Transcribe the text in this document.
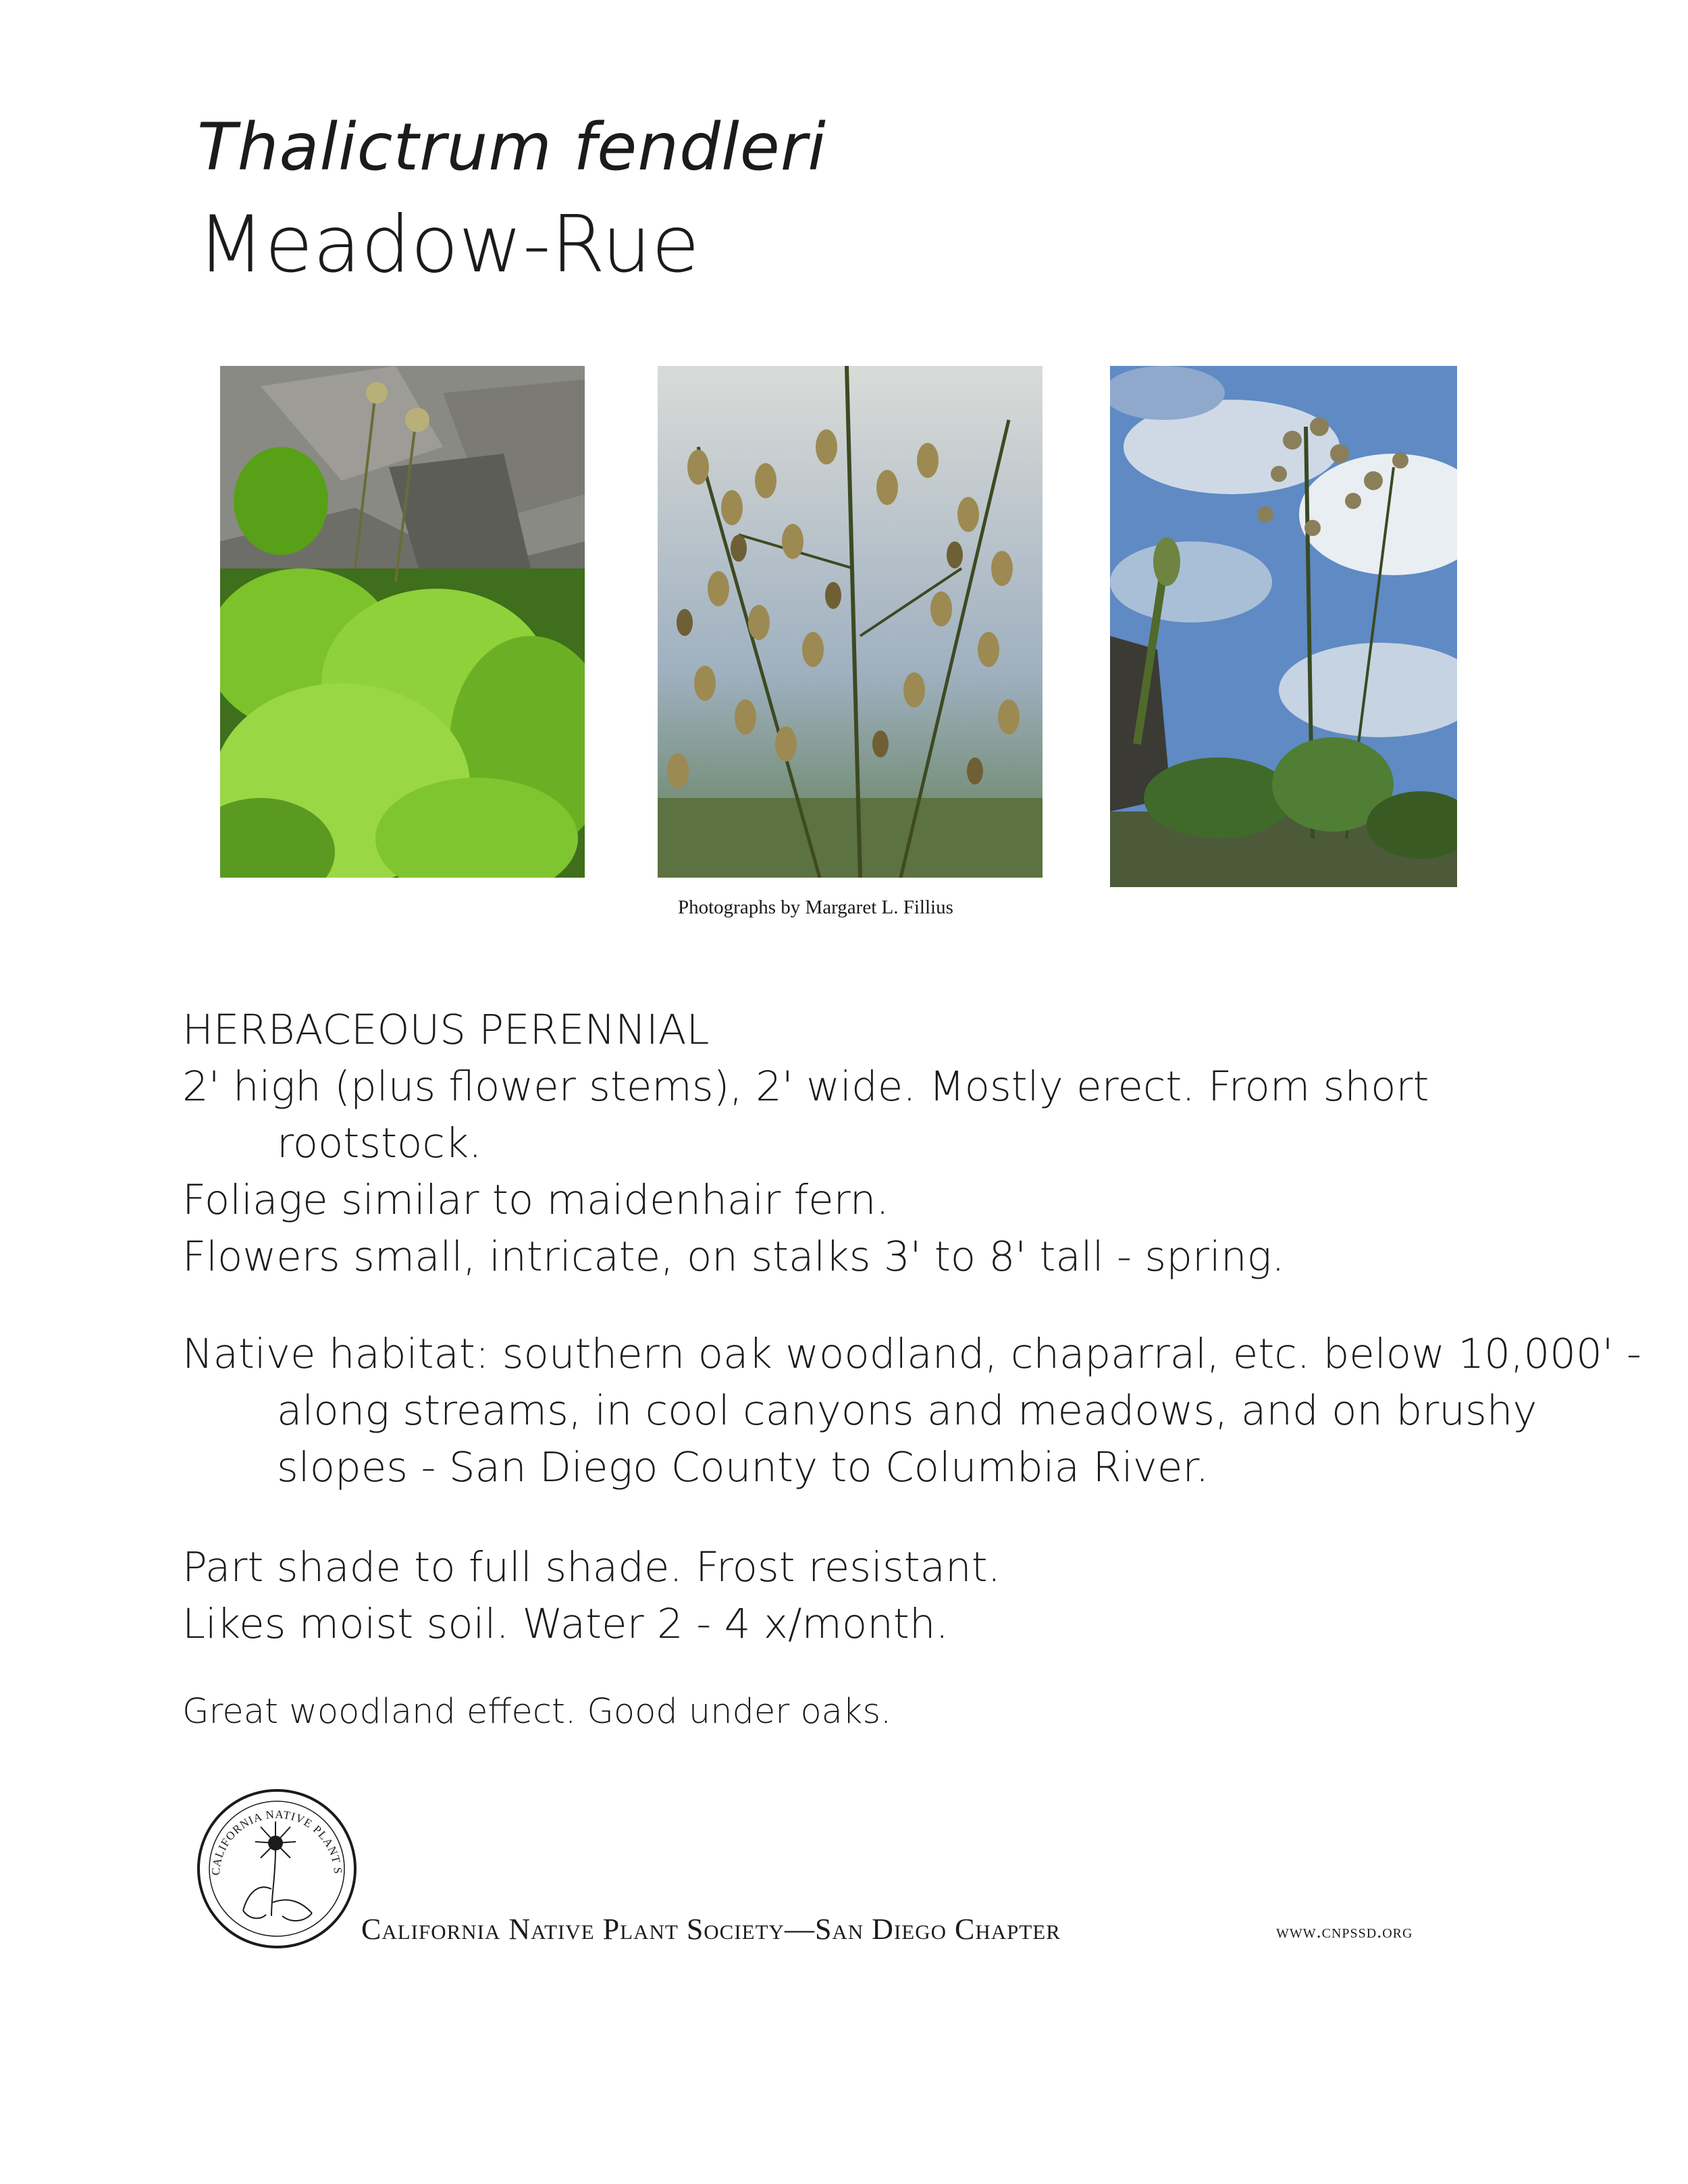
Thalictrum fendleri
Meadow-Rue
Photographs by Margaret L. Fillius

HERBACEOUS PERENNIAL

2' high (plus flower stems), 2' wide. Mostly erect. From short rootstock.

Foliage similar to maidenhair fern.

Flowers small, intricate, on stalks 3' to 8' tall - spring.

Native habitat: southern oak woodland, chaparral, etc. below 10,000' - along streams, in cool canyons and meadows, and on brushy slopes - San Diego County to Columbia River.

Part shade to full shade. Frost resistant.

Likes moist soil. Water 2 - 4 x/month.

Great woodland effect. Good under oaks.
CALIFORNIA NATIVE PLANT S
California Native Plant Society—San Diego Chapter	www.cnpssd.org
